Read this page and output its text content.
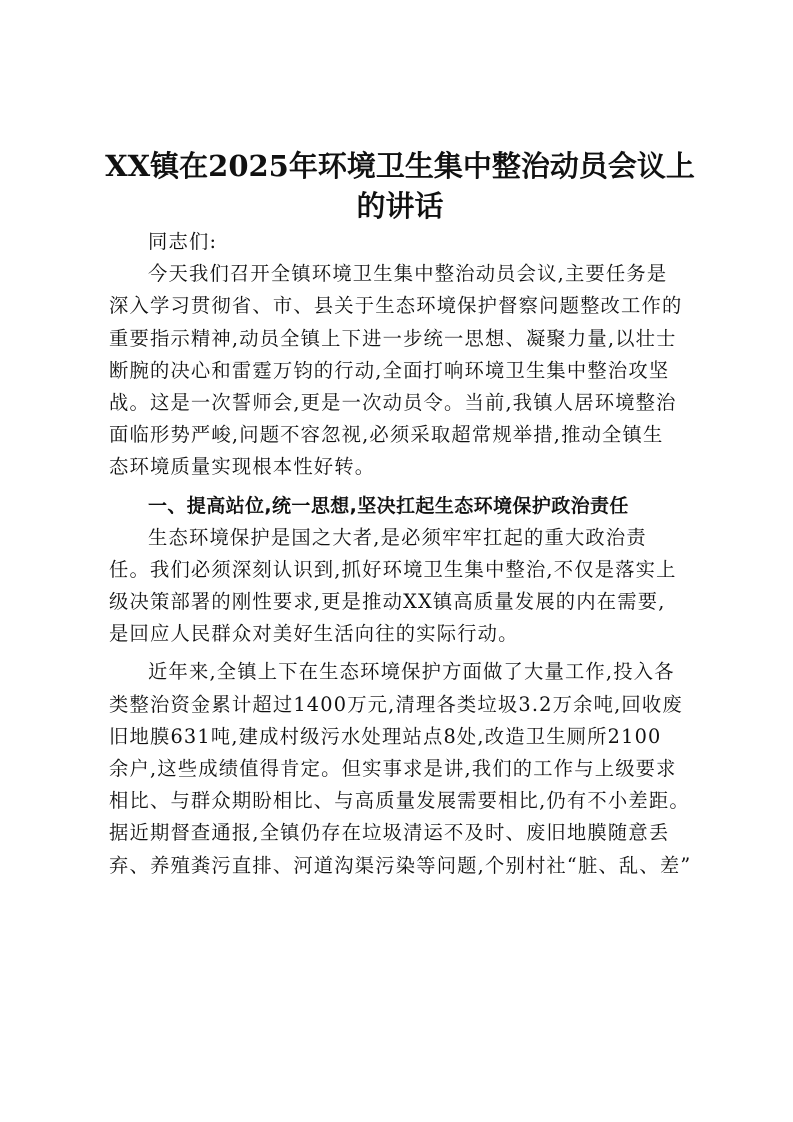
XX镇在2025年环境卫生集中整治动员会议上
的讲话
同志们:
今天我们召开全镇环境卫生集中整治动员会议,主要任务是
深入学习贯彻省、市、县关于生态环境保护督察问题整改工作的
重要指示精神,动员全镇上下进一步统一思想、凝聚力量,以壮士
断腕的决心和雷霆万钧的行动,全面打响环境卫生集中整治攻坚
战。这是一次誓师会,更是一次动员令。当前,我镇人居环境整治
面临形势严峻,问题不容忽视,必须采取超常规举措,推动全镇生
态环境质量实现根本性好转。
一、提高站位,统一思想,坚决扛起生态环境保护政治责任
生态环境保护是国之大者,是必须牢牢扛起的重大政治责
任。我们必须深刻认识到,抓好环境卫生集中整治,不仅是落实上
级决策部署的刚性要求,更是推动XX镇高质量发展的内在需要,
是回应人民群众对美好生活向往的实际行动。
近年来,全镇上下在生态环境保护方面做了大量工作,投入各
类整治资金累计超过1400万元,清理各类垃圾3.2万余吨,回收废
旧地膜631吨,建成村级污水处理站点8处,改造卫生厕所2100
余户,这些成绩值得肯定。但实事求是讲,我们的工作与上级要求
相比、与群众期盼相比、与高质量发展需要相比,仍有不小差距。
据近期督查通报,全镇仍存在垃圾清运不及时、废旧地膜随意丢
弃、养殖粪污直排、河道沟渠污染等问题,个别村社“脏、乱、差”
